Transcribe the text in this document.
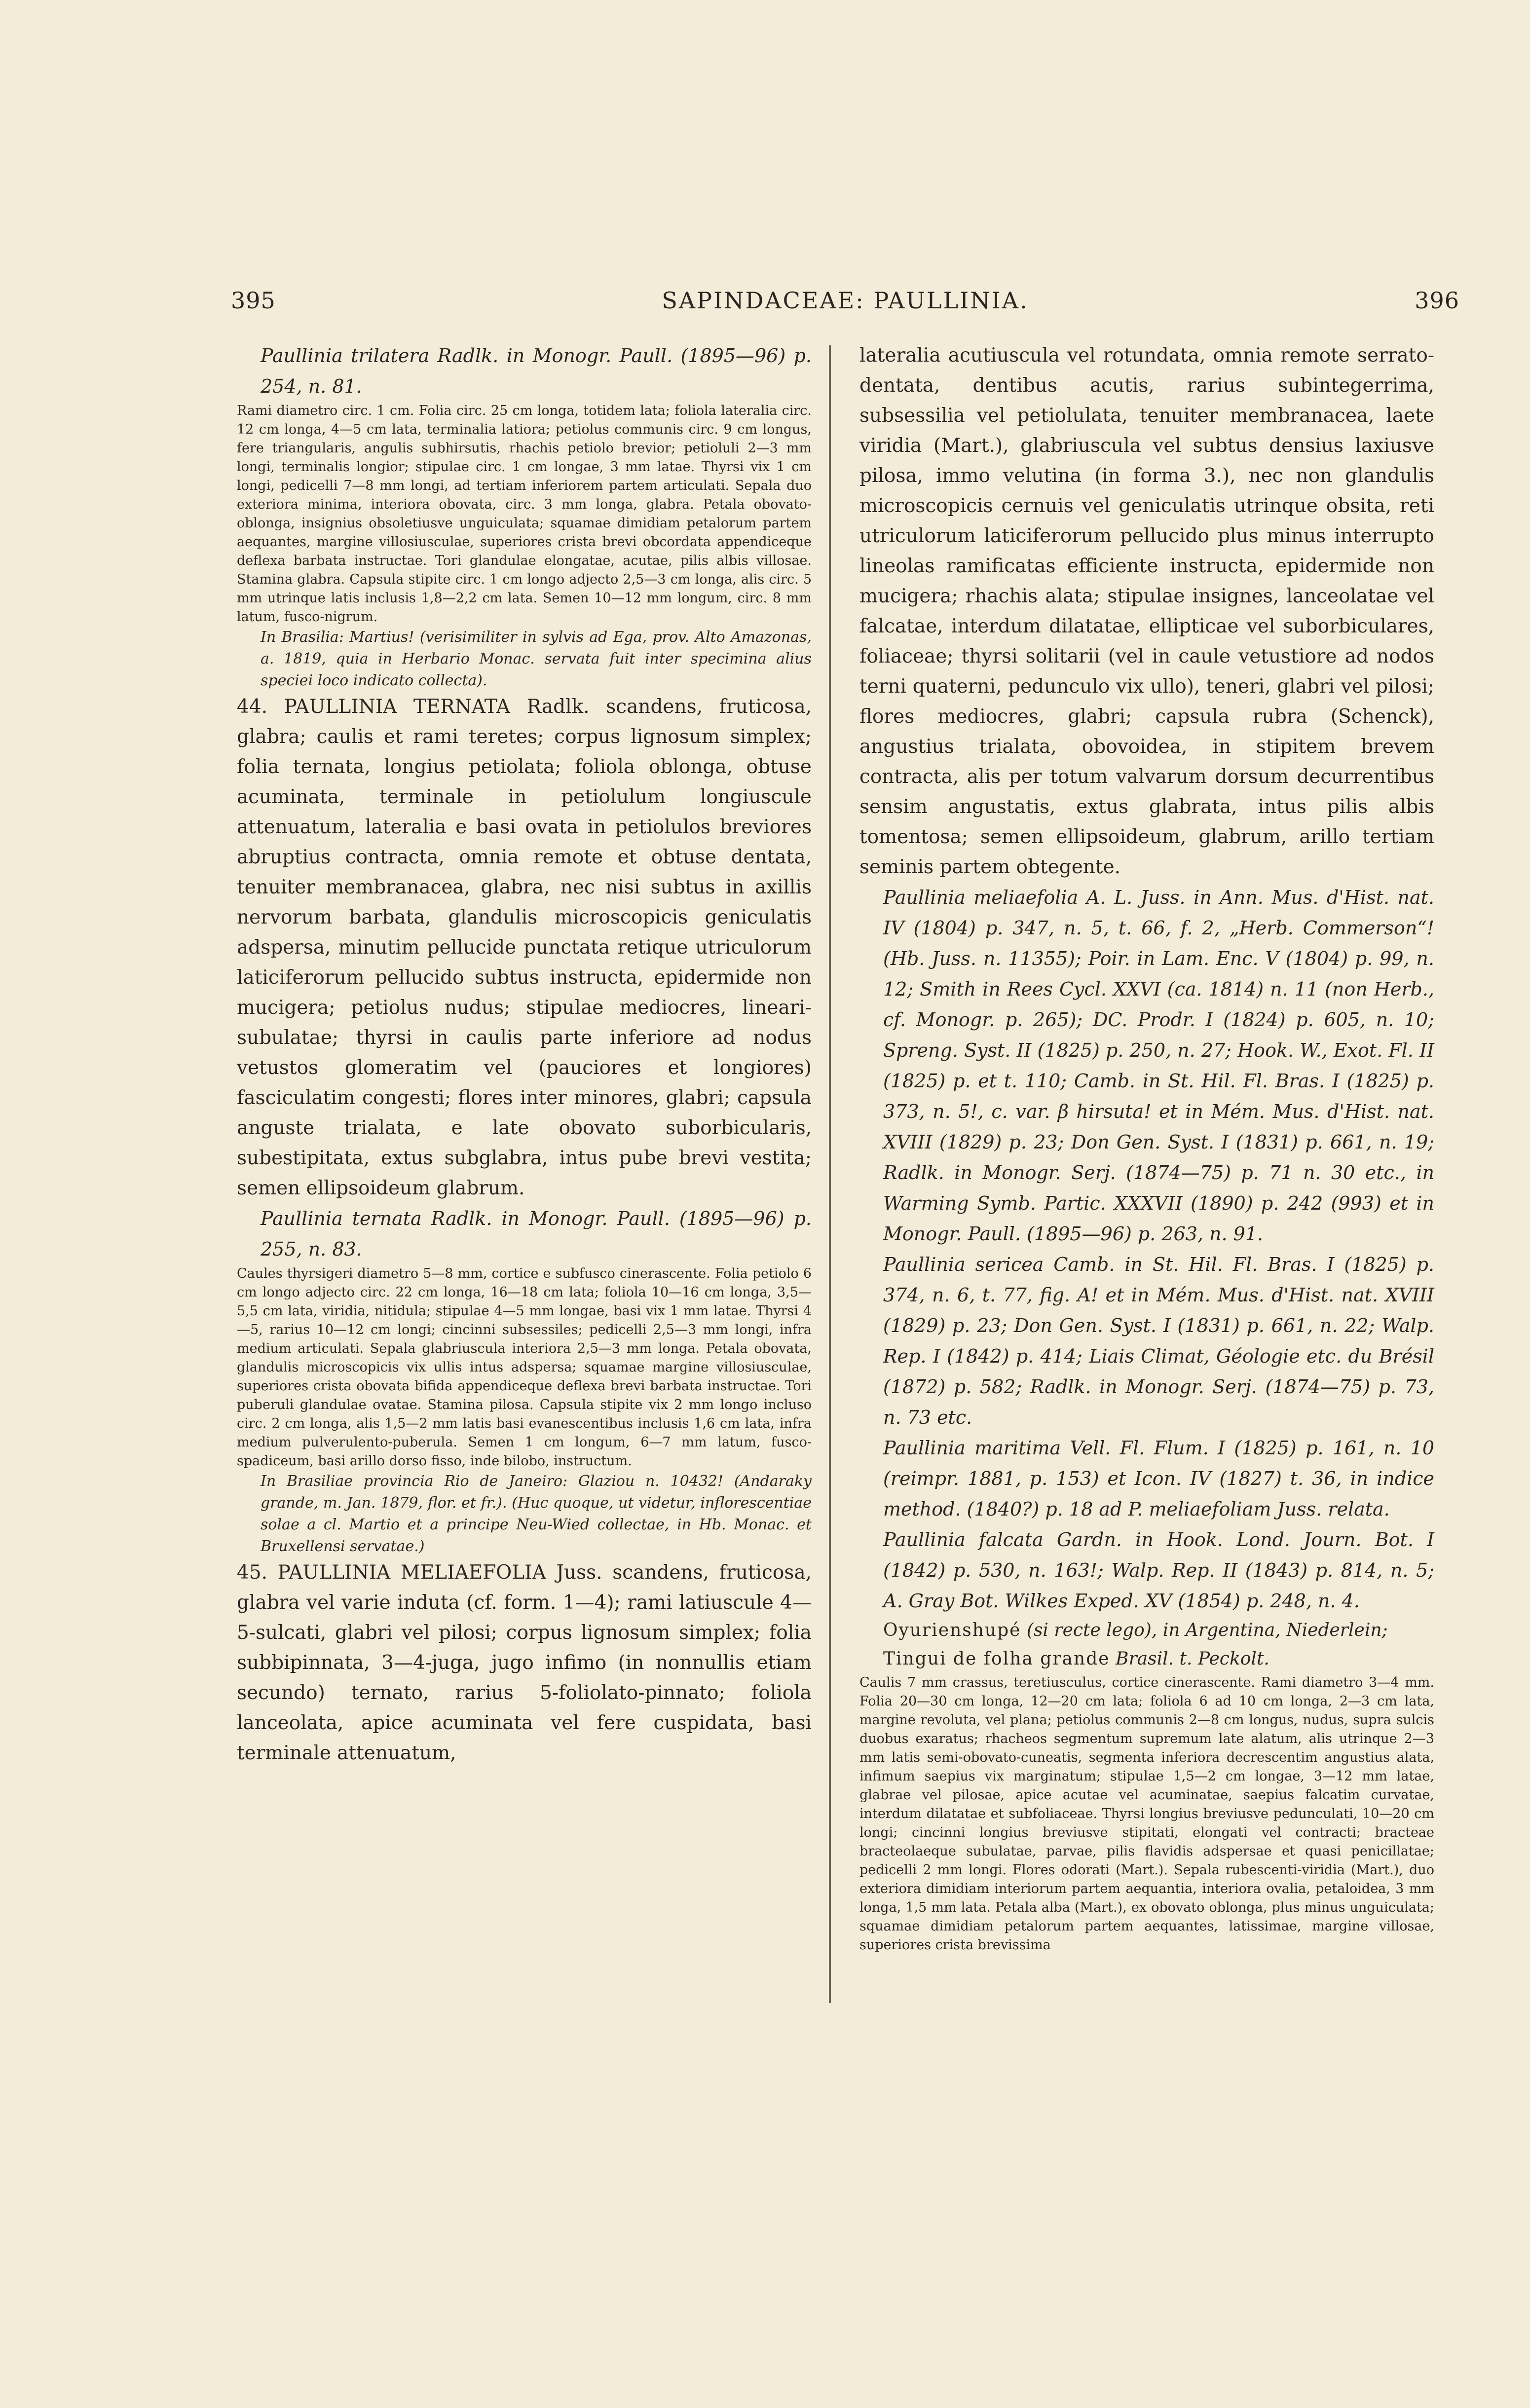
395	SAPINDACEAE: PAULLINIA.	396

Paullinia trilatera Radlk. in Monogr. Paull. (1895—96) p. 254, n. 81.

Rami diametro circ. 1 cm. Folia circ. 25 cm longa, totidem lata; foliola lateralia circ. 12 cm longa, 4—5 cm lata, terminalia latiora; petiolus communis circ. 9 cm longus, fere triangularis, angulis subhirsutis, rhachis petiolo brevior; petioluli 2—3 mm longi, terminalis longior; stipulae circ. 1 cm longae, 3 mm latae. Thyrsi vix 1 cm longi, pedicelli 7—8 mm longi, ad tertiam inferiorem partem articulati. Sepala duo exteriora minima, interiora obovata, circ. 3 mm longa, glabra. Petala obovato-oblonga, insignius obsoletiusve unguiculata; squamae dimidiam petalorum partem aequantes, margine villosiusculae, superiores crista brevi obcordata appendiceque deflexa barbata instructae. Tori glandulae elongatae, acutae, pilis albis villosae. Stamina glabra. Capsula stipite circ. 1 cm longo adjecto 2,5—3 cm longa, alis circ. 5 mm utrinque latis inclusis 1,8—2,2 cm lata. Semen 10—12 mm longum, circ. 8 mm latum, fusco-nigrum.

In Brasilia: Martius! (verisimiliter in sylvis ad Ega, prov. Alto Amazonas, a. 1819, quia in Herbario Monac. servata fuit inter specimina alius speciei loco indicato collecta).

44. PAULLINIA TERNATA Radlk. scandens, fruticosa, glabra; caulis et rami teretes; corpus lignosum simplex; folia ternata, longius petiolata; foliola oblonga, obtuse acuminata, terminale in petiolulum longiusculе attenuatum, lateralia e basi ovata in petiolulos breviores abruptius contracta, omnia remote et obtuse dentata, tenuiter membranacea, glabra, nec nisi subtus in axillis nervorum barbata, glandulis microscopicis geniculatis adspersa, minutim pellucide punctata retique utriculorum laticiferorum pellucido subtus instructa, epidermide non mucigera; petiolus nudus; stipulae mediocres, lineari-subulatae; thyrsi in caulis parte inferiore ad nodus vetustos glomeratim vel (pauciores et longiores) fasciculatim congesti; flores inter minores, glabri; capsula anguste trialata, e late obovato suborbicularis, subestipitata, extus subglabra, intus pube brevi vestita; semen ellipsoideum glabrum.

Paullinia ternata Radlk. in Monogr. Paull. (1895—96) p. 255, n. 83.

Caules thyrsigeri diametro 5—8 mm, cortice e subfusco cinerascente. Folia petiolo 6 cm longo adjecto circ. 22 cm longa, 16—18 cm lata; foliola 10—16 cm longa, 3,5—5,5 cm lata, viridia, nitidula; stipulae 4—5 mm longae, basi vix 1 mm latae. Thyrsi 4—5, rarius 10—12 cm longi; cincinni subsessiles; pedicelli 2,5—3 mm longi, infra medium articulati. Sepala glabriuscula interiora 2,5—3 mm longa. Petala obovata, glandulis microscopicis vix ullis intus adspersa; squamae margine villosiusculae, superiores crista obovata bifida appendiceque deflexa brevi barbata instructae. Tori puberuli glandulae ovatae. Stamina pilosa. Capsula stipite vix 2 mm longo incluso circ. 2 cm longa, alis 1,5—2 mm latis basi evanescentibus inclusis 1,6 cm lata, infra medium pulverulento-puberula. Semen 1 cm longum, 6—7 mm latum, fusco-spadiceum, basi arillo dorso fisso, inde bilobo, instructum.

In Brasiliae provincia Rio de Janeiro: Glaziou n. 10432! (Andaraky grande, m. Jan. 1879, flor. et fr.). (Huc quoque, ut videtur, inflorescentiae solae a cl. Martio et a principe Neu-Wied collectae, in Hb. Monac. et Bruxellensi servatae.)

45. PAULLINIA MELIAEFOLIA Juss. scandens, fruticosa, glabra vel varie induta (cf. form. 1—4); rami latiusculе 4—5-sulcati, glabri vel pilosi; corpus lignosum simplex; folia subbipinnata, 3—4-juga, jugo infimo (in nonnullis etiam secundo) ternato, rarius 5-foliolato-pinnato; foliola lanceolata, apice acuminata vel fere cuspidata, basi terminale attenuatum,

lateralia acutiuscula vel rotundata, omnia remote serrato-dentata, dentibus acutis, rarius subintegerrima, subsessilia vel petiolulata, tenuiter membranacea, laete viridia (Mart.), glabriuscula vel subtus densius laxiusve pilosa, immo velutina (in forma 3.), nec non glandulis microscopicis cernuis vel geniculatis utrinque obsita, reti utriculorum laticiferorum pellucido plus minus interrupto lineolas ramificatas efficiente instructa, epidermide non mucigera; rhachis alata; stipulae insignes, lanceolatae vel falcatae, interdum dilatatae, ellipticae vel suborbiculares, foliaceae; thyrsi solitarii (vel in caule vetustiore ad nodos terni quaterni, pedunculo vix ullo), teneri, glabri vel pilosi; flores mediocres, glabri; capsula rubra (Schenck), angustius trialata, obovoidea, in stipitem brevem contracta, alis per totum valvarum dorsum decurrentibus sensim angustatis, extus glabrata, intus pilis albis tomentosa; semen ellipsoideum, glabrum, arillo tertiam seminis partem obtegente.

Paullinia meliaefolia A. L. Juss. in Ann. Mus. d'Hist. nat. IV (1804) p. 347, n. 5, t. 66, f. 2, „Herb. Commerson“! (Hb. Juss. n. 11355); Poir. in Lam. Enc. V (1804) p. 99, n. 12; Smith in Rees Cycl. XXVI (ca. 1814) n. 11 (non Herb., cf. Monogr. p. 265); DC. Prodr. I (1824) p. 605, n. 10; Spreng. Syst. II (1825) p. 250, n. 27; Hook. W., Exot. Fl. II (1825) p. et t. 110; Camb. in St. Hil. Fl. Bras. I (1825) p. 373, n. 5!, c. var. β hirsuta! et in Mém. Mus. d'Hist. nat. XVIII (1829) p. 23; Don Gen. Syst. I (1831) p. 661, n. 19; Radlk. in Monogr. Serj. (1874—75) p. 71 n. 30 etc., in Warming Symb. Partic. XXXVII (1890) p. 242 (993) et in Monogr. Paull. (1895—96) p. 263, n. 91.

Paullinia sericea Camb. in St. Hil. Fl. Bras. I (1825) p. 374, n. 6, t. 77, fig. A! et in Mém. Mus. d'Hist. nat. XVIII (1829) p. 23; Don Gen. Syst. I (1831) p. 661, n. 22; Walp. Rep. I (1842) p. 414; Liais Climat, Géologie etc. du Brésil (1872) p. 582; Radlk. in Monogr. Serj. (1874—75) p. 73, n. 73 etc.

Paullinia maritima Vell. Fl. Flum. I (1825) p. 161, n. 10 (reimpr. 1881, p. 153) et Icon. IV (1827) t. 36, in indice method. (1840?) p. 18 ad P. meliaefoliam Juss. relata.

Paullinia falcata Gardn. in Hook. Lond. Journ. Bot. I (1842) p. 530, n. 163!; Walp. Rep. II (1843) p. 814, n. 5; A. Gray Bot. Wilkes Exped. XV (1854) p. 248, n. 4.

Oyurienshupé (si recte lego), in Argentina, Niederlein;
Tingui de folha grande Brasil. t. Peckolt.

Caulis 7 mm crassus, teretiusculus, cortice cinerascente. Rami diametro 3—4 mm. Folia 20—30 cm longa, 12—20 cm lata; foliola 6 ad 10 cm longa, 2—3 cm lata, margine revoluta, vel plana; petiolus communis 2—8 cm longus, nudus, supra sulcis duobus exaratus; rhacheos segmentum supremum late alatum, alis utrinque 2—3 mm latis semi-obovato-cuneatis, segmenta inferiora decrescentim angustius alata, infimum saepius vix marginatum; stipulae 1,5—2 cm longae, 3—12 mm latae, glabrae vel pilosae, apice acutae vel acuminatae, saepius falcatim curvatae, interdum dilatatae et subfoliaceae. Thyrsi longius breviusve pedunculati, 10—20 cm longi; cincinni longius breviusve stipitati, elongati vel contracti; bracteae bracteolaeque subulatae, parvae, pilis flavidis adspersae et quasi penicillatae; pedicelli 2 mm longi. Flores odorati (Mart.). Sepala rubescenti-viridia (Mart.), duo exteriora dimidiam interiorum partem aequantia, interiora ovalia, petaloidea, 3 mm longa, 1,5 mm lata. Petala alba (Mart.), ex obovato oblonga, plus minus unguiculata; squamae dimidiam petalorum partem aequantes, latissimae, margine villosae, superiores crista brevissima
